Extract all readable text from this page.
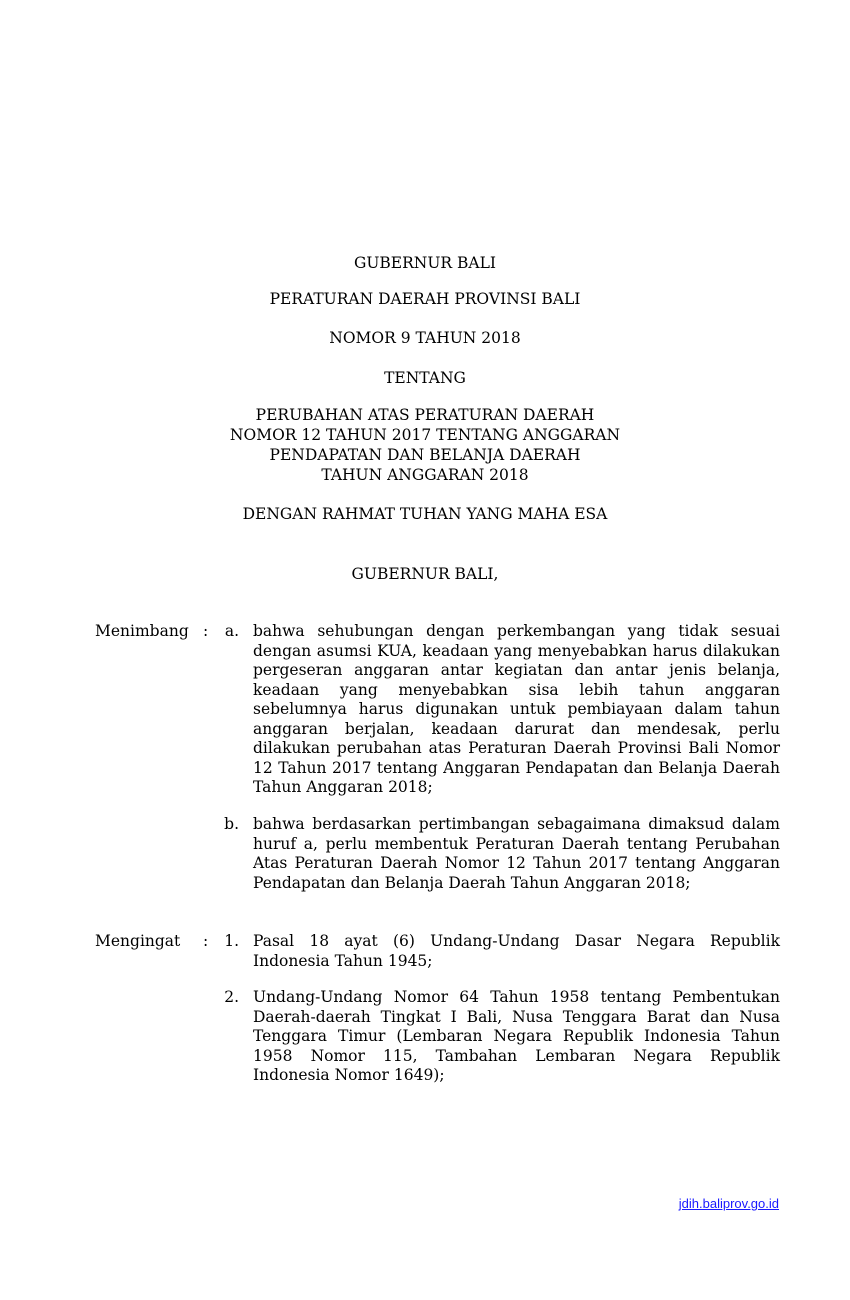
GUBERNUR BALI
PERATURAN DAERAH PROVINSI BALI
NOMOR 9 TAHUN 2018
TENTANG
PERUBAHAN ATAS PERATURAN DAERAH
NOMOR 12 TAHUN 2017 TENTANG ANGGARAN
PENDAPATAN DAN BELANJA DAERAH
TAHUN ANGGARAN 2018
DENGAN RAHMAT TUHAN YANG MAHA ESA
GUBERNUR BALI,
Menimbang : a. bahwa sehubungan dengan perkembangan yang tidak sesuai dengan asumsi KUA, keadaan yang menyebabkan harus dilakukan pergeseran anggaran antar kegiatan dan antar jenis belanja, keadaan yang menyebabkan sisa lebih tahun anggaran sebelumnya harus digunakan untuk pembiayaan dalam tahun anggaran berjalan, keadaan darurat dan mendesak, perlu dilakukan perubahan atas Peraturan Daerah Provinsi Bali Nomor 12 Tahun 2017 tentang Anggaran Pendapatan dan Belanja Daerah Tahun Anggaran 2018;
b. bahwa berdasarkan pertimbangan sebagaimana dimaksud dalam huruf a, perlu membentuk Peraturan Daerah tentang Perubahan Atas Peraturan Daerah Nomor 12 Tahun 2017 tentang Anggaran Pendapatan dan Belanja Daerah Tahun Anggaran 2018;
Mengingat : 1. Pasal 18 ayat (6) Undang-Undang Dasar Negara Republik Indonesia Tahun 1945;
2. Undang-Undang Nomor 64 Tahun 1958 tentang Pembentukan Daerah-daerah Tingkat I Bali, Nusa Tenggara Barat dan Nusa Tenggara Timur (Lembaran Negara Republik Indonesia Tahun 1958 Nomor 115, Tambahan Lembaran Negara Republik Indonesia Nomor 1649);
jdih.baliprov.go.id
